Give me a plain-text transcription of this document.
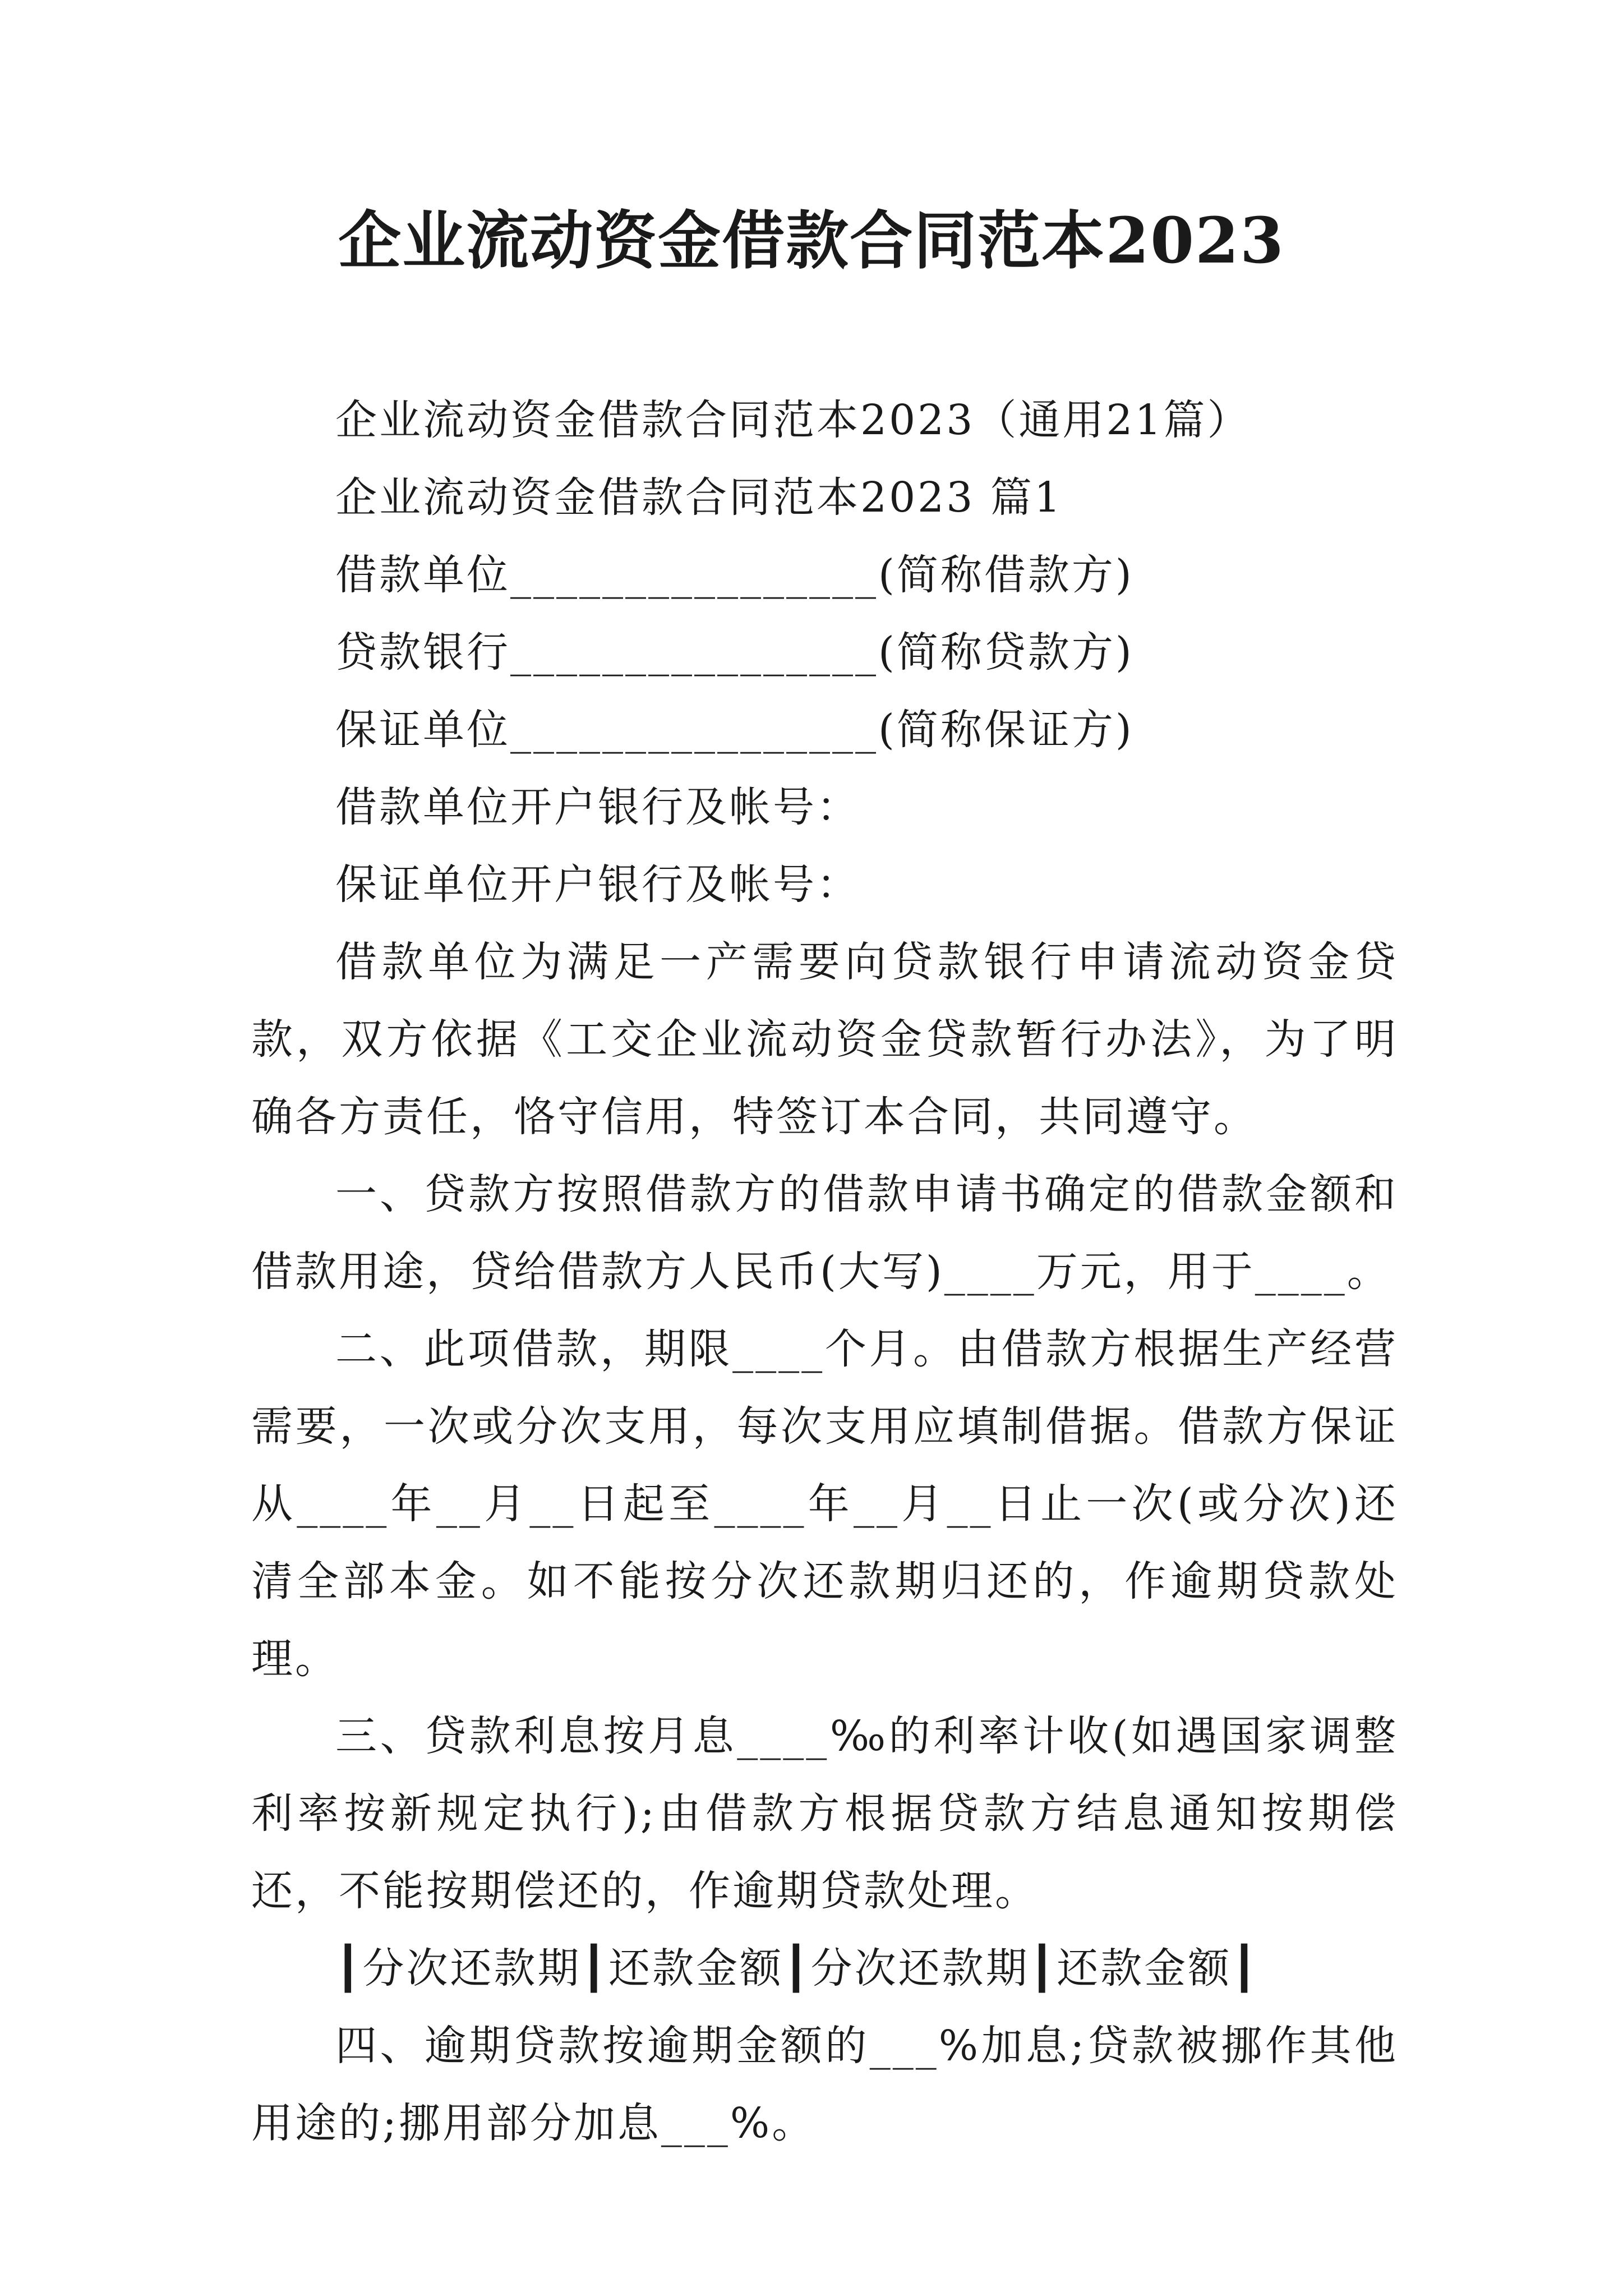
企业流动资金借款合同范本2023

企业流动资金借款合同范本2023（通用21篇）

企业流动资金借款合同范本2023 篇1

借款单位________________(简称借款方)

贷款银行________________(简称贷款方)

保证单位________________(简称保证方)

借款单位开户银行及帐号：

保证单位开户银行及帐号：

借款单位为满足一产需要向贷款银行申请流动资金贷款，双方依据《工交企业流动资金贷款暂行办法》，为了明确各方责任，恪守信用，特签订本合同，共同遵守。

一、贷款方按照借款方的借款申请书确定的借款金额和借款用途，贷给借款方人民币(大写)____万元，用于____。

二、此项借款，期限____个月。由借款方根据生产经营需要，一次或分次支用，每次支用应填制借据。借款方保证从____年__月__日起至____年__月__日止一次(或分次)还清全部本金。如不能按分次还款期归还的，作逾期贷款处理。

三、贷款利息按月息____‰的利率计收(如遇国家调整利率按新规定执行);由借款方根据贷款方结息通知按期偿还，不能按期偿还的，作逾期贷款处理。

┃分次还款期┃还款金额┃分次还款期┃还款金额┃

四、逾期贷款按逾期金额的___%加息;贷款被挪作其他用途的;挪用部分加息___%。
